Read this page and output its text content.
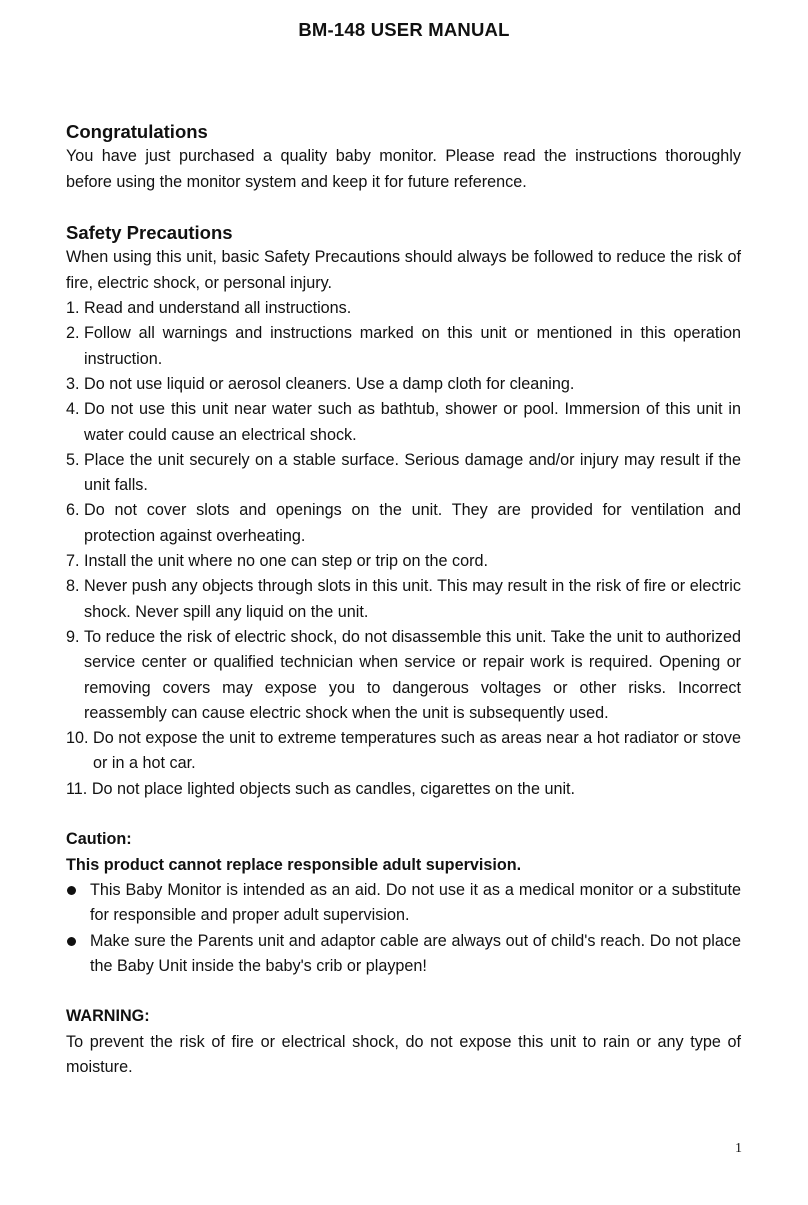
BM-148 USER MANUAL
Congratulations
You have just purchased a quality baby monitor. Please read the instructions thoroughly before using the monitor system and keep it for future reference.
Safety Precautions
When using this unit, basic Safety Precautions should always be followed to reduce the risk of fire, electric shock, or personal injury.
1. Read and understand all instructions.
2. Follow all warnings and instructions marked on this unit or mentioned in this operation instruction.
3. Do not use liquid or aerosol cleaners. Use a damp cloth for cleaning.
4. Do not use this unit near water such as bathtub, shower or pool. Immersion of this unit in water could cause an electrical shock.
5. Place the unit securely on a stable surface. Serious damage and/or injury may result if the unit falls.
6. Do not cover slots and openings on the unit. They are provided for ventilation and protection against overheating.
7. Install the unit where no one can step or trip on the cord.
8. Never push any objects through slots in this unit. This may result in the risk of fire or electric shock. Never spill any liquid on the unit.
9. To reduce the risk of electric shock, do not disassemble this unit. Take the unit to authorized service center or qualified technician when service or repair work is required. Opening or removing covers may expose you to dangerous voltages or other risks. Incorrect reassembly can cause electric shock when the unit is subsequently used.
10. Do not expose the unit to extreme temperatures such as areas near a hot radiator or stove or in a hot car.
11. Do not place lighted objects such as candles, cigarettes on the unit.
Caution:
This product cannot replace responsible adult supervision.
This Baby Monitor is intended as an aid. Do not use it as a medical monitor or a substitute for responsible and proper adult supervision.
Make sure the Parents unit and adaptor cable are always out of child's reach. Do not place the Baby Unit inside the baby's crib or playpen!
WARNING:
To prevent the risk of fire or electrical shock, do not expose this unit to rain or any type of moisture.
1
